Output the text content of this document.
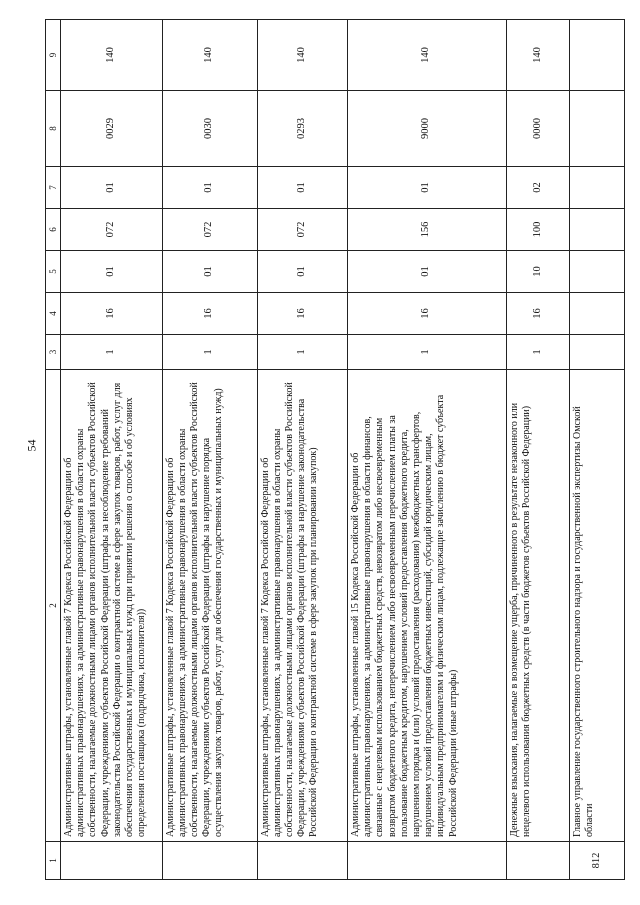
54
1	2	3	4	5	6	7	8	9
	Административные штрафы, установленные главой 7 Кодекса Российской Федерации об административных правонарушениях, за административные правонарушения в области охраны собственности, налагаемые должностными лицами органов исполнительной власти субъектов Российской Федерации, учреждениями субъектов Российской Федерации (штрафы за несоблюдение требований законодательства Российской Федерации о контрактной системе в сфере закупок товаров, работ, услуг для обеспечения государственных и муниципальных нужд при принятии решения о способе и об условиях определения поставщика (подрядчика, исполнителя))	1	16	01	072	01	0029	140
	Административные штрафы, установленные главой 7 Кодекса Российской Федерации об административных правонарушениях, за административные правонарушения в области охраны собственности, налагаемые должностными лицами органов исполнительной власти субъектов Российской Федерации, учреждениями субъектов Российской Федерации (штрафы за нарушение порядка осуществления закупок товаров, работ, услуг для обеспечения государственных и муниципальных нужд)	1	16	01	072	01	0030	140
	Административные штрафы, установленные главой 7 Кодекса Российской Федерации об административных правонарушениях, за административные правонарушения в области охраны собственности, налагаемые должностными лицами органов исполнительной власти субъектов Российской Федерации, учреждениями субъектов Российской Федерации (штрафы за нарушение законодательства Российской Федерации о контрактной системе в сфере закупок при планировании закупок)	1	16	01	072	01	0293	140
	Административные штрафы, установленные главой 15 Кодекса Российской Федерации об административных правонарушениях, за административные правонарушения в области финансов, связанные с нецелевым использованием бюджетных средств, невозвратом либо несвоевременным возвратом бюджетного кредита, неперечислением либо несвоевременным перечислением платы за пользование бюджетным кредитом, нарушением условий предоставления бюджетного кредита, нарушением порядка и (или) условий предоставления (расходования) межбюджетных трансфертов, нарушением условий предоставления бюджетных инвестиций, субсидий юридическим лицам, индивидуальным предпринимателям и физическим лицам, подлежащие зачислению в бюджет субъекта Российской Федерации (иные штрафы)	1	16	01	156	01	9000	140
	Денежные взыскания, налагаемые в возмещение ущерба, причиненного в результате незаконного или нецелевого использования бюджетных средств (в части бюджетов субъектов Российской Федерации)	1	16	10	100	02	0000	140
812	Главное управление государственного строительного надзора и государственной экспертизы Омской области							
